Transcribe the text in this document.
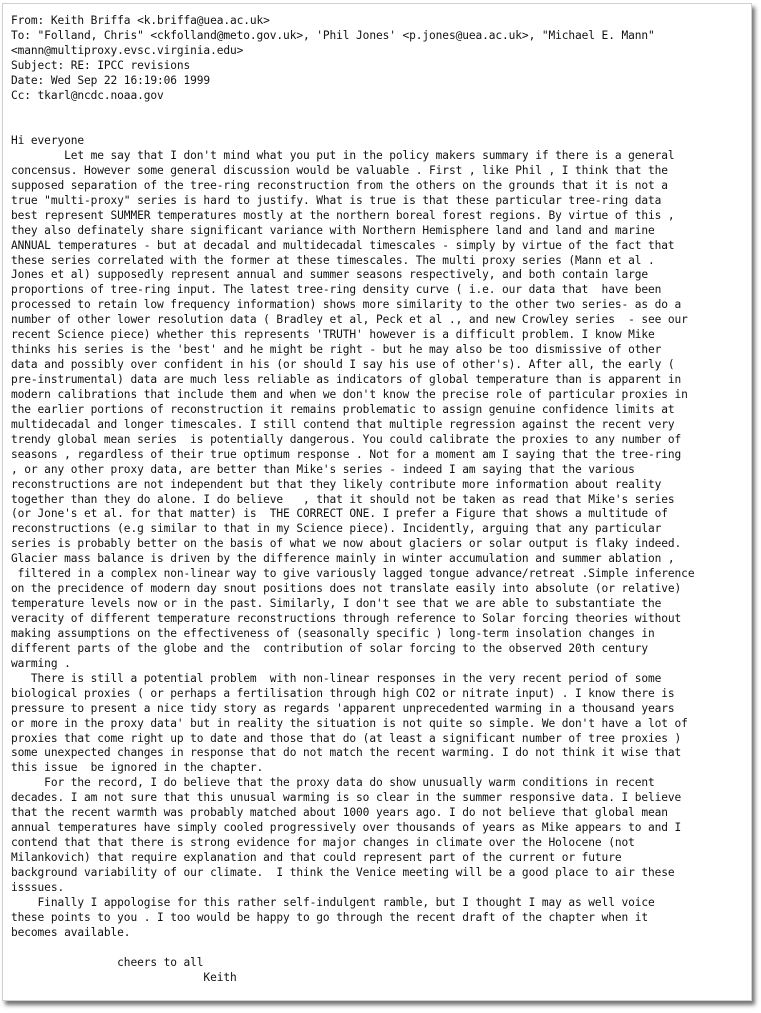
From: Keith Briffa <k.briffa@uea.ac.uk>
To: "Folland, Chris" <ckfolland@meto.gov.uk>, 'Phil Jones' <p.jones@uea.ac.uk>, "Michael E. Mann"
<mann@multiproxy.evsc.virginia.edu>
Subject: RE: IPCC revisions
Date: Wed Sep 22 16:19:06 1999
Cc: tkarl@ncdc.noaa.gov
Hi everyone
Let me say that I don't mind what you put in the policy makers summary if there is a general
concensus. However some general discussion would be valuable . First , like Phil , I think that the
supposed separation of the tree-ring reconstruction from the others on the grounds that it is not a
true "multi-proxy" series is hard to justify. What is true is that these particular tree-ring data
best represent SUMMER temperatures mostly at the northern boreal forest regions. By virtue of this ,
they also definately share significant variance with Northern Hemisphere land and land and marine
ANNUAL temperatures - but at decadal and multidecadal timescales - simply by virtue of the fact that
these series correlated with the former at these timescales. The multi proxy series (Mann et al .
Jones et al) supposedly represent annual and summer seasons respectively, and both contain large
proportions of tree-ring input. The latest tree-ring density curve ( i.e. our data that  have been
processed to retain low frequency information) shows more similarity to the other two series- as do a
number of other lower resolution data ( Bradley et al, Peck et al ., and new Crowley series  - see our
recent Science piece) whether this represents 'TRUTH' however is a difficult problem. I know Mike
thinks his series is the 'best' and he might be right - but he may also be too dismissive of other
data and possibly over confident in his (or should I say his use of other's). After all, the early (
pre-instrumental) data are much less reliable as indicators of global temperature than is apparent in
modern calibrations that include them and when we don't know the precise role of particular proxies in
the earlier portions of reconstruction it remains problematic to assign genuine confidence limits at
multidecadal and longer timescales. I still contend that multiple regression against the recent very
trendy global mean series  is potentially dangerous. You could calibrate the proxies to any number of
seasons , regardless of their true optimum response . Not for a moment am I saying that the tree-ring
, or any other proxy data, are better than Mike's series - indeed I am saying that the various
reconstructions are not independent but that they likely contribute more information about reality
together than they do alone. I do believe   , that it should not be taken as read that Mike's series
(or Jone's et al. for that matter) is  THE CORRECT ONE. I prefer a Figure that shows a multitude of
reconstructions (e.g similar to that in my Science piece). Incidently, arguing that any particular
series is probably better on the basis of what we now about glaciers or solar output is flaky indeed.
Glacier mass balance is driven by the difference mainly in winter accumulation and summer ablation ,
filtered in a complex non-linear way to give variously lagged tongue advance/retreat .Simple inference
on the precidence of modern day snout positions does not translate easily into absolute (or relative)
temperature levels now or in the past. Similarly, I don't see that we are able to substantiate the
veracity of different temperature reconstructions through reference to Solar forcing theories without
making assumptions on the effectiveness of (seasonally specific ) long-term insolation changes in
different parts of the globe and the  contribution of solar forcing to the observed 20th century
warming .
There is still a potential problem  with non-linear responses in the very recent period of some
biological proxies ( or perhaps a fertilisation through high CO2 or nitrate input) . I know there is
pressure to present a nice tidy story as regards 'apparent unprecedented warming in a thousand years
or more in the proxy data' but in reality the situation is not quite so simple. We don't have a lot of
proxies that come right up to date and those that do (at least a significant number of tree proxies )
some unexpected changes in response that do not match the recent warming. I do not think it wise that
this issue  be ignored in the chapter.
For the record, I do believe that the proxy data do show unusually warm conditions in recent
decades. I am not sure that this unusual warming is so clear in the summer responsive data. I believe
that the recent warmth was probably matched about 1000 years ago. I do not believe that global mean
annual temperatures have simply cooled progressively over thousands of years as Mike appears to and I
contend that that there is strong evidence for major changes in climate over the Holocene (not
Milankovich) that require explanation and that could represent part of the current or future
background variability of our climate.  I think the Venice meeting will be a good place to air these
isssues.
Finally I appologise for this rather self-indulgent ramble, but I thought I may as well voice
these points to you . I too would be happy to go through the recent draft of the chapter when it
becomes available.
cheers to all
Keith
